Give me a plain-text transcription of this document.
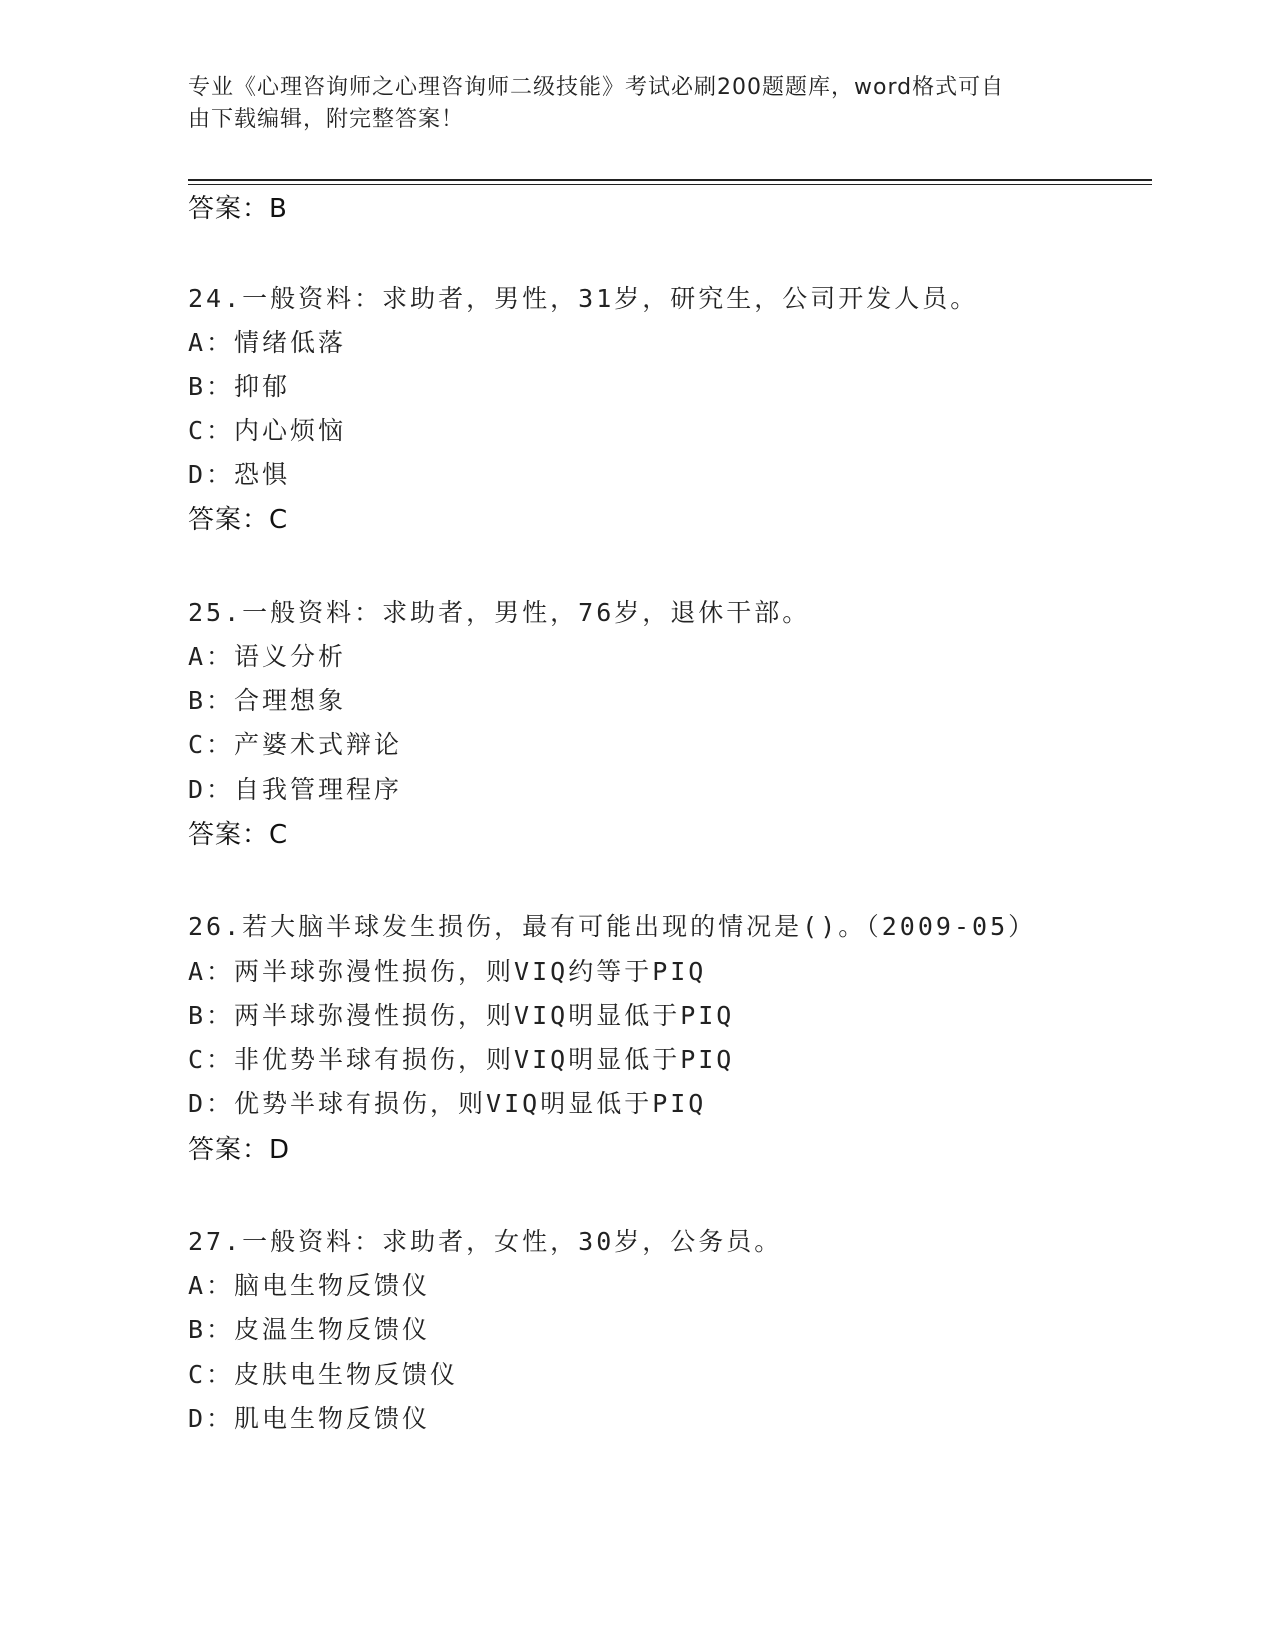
专业《心理咨询师之心理咨询师二级技能》考试必刷200题题库，word格式可自
由下载编辑，附完整答案！
答案：B
24.一般资料：求助者，男性，31岁，研究生，公司开发人员。
A：情绪低落
B：抑郁
C：内心烦恼
D：恐惧
答案：C
25.一般资料：求助者，男性，76岁，退休干部。
A：语义分析
B：合理想象
C：产婆术式辩论
D：自我管理程序
答案：C
26.若大脑半球发生损伤，最有可能出现的情况是()。（2009-05）
A：两半球弥漫性损伤，则VIQ约等于PIQ
B：两半球弥漫性损伤，则VIQ明显低于PIQ
C：非优势半球有损伤，则VIQ明显低于PIQ
D：优势半球有损伤，则VIQ明显低于PIQ
答案：D
27.一般资料：求助者，女性，30岁，公务员。
A：脑电生物反馈仪
B：皮温生物反馈仪
C：皮肤电生物反馈仪
D：肌电生物反馈仪
